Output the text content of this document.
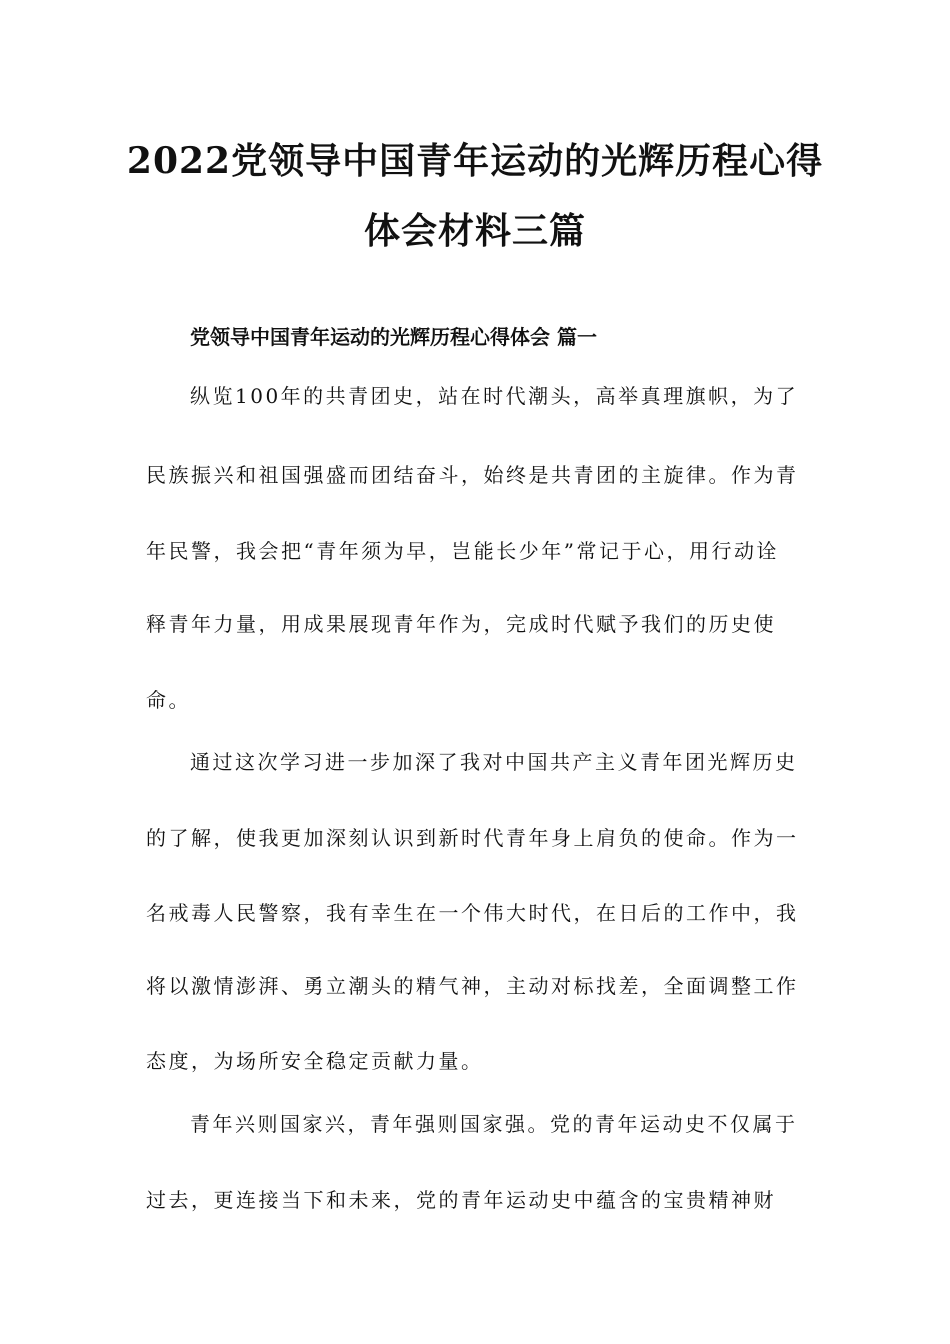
2022党领导中国青年运动的光辉历程心得
体会材料三篇
党领导中国青年运动的光辉历程心得体会 篇一
纵览100年的共青团史，站在时代潮头，高举真理旗帜，为了
民族振兴和祖国强盛而团结奋斗，始终是共青团的主旋律。作为青
年民警，我会把“青年须为早，岂能长少年”常记于心，用行动诠
释青年力量，用成果展现青年作为，完成时代赋予我们的历史使
命。
通过这次学习进一步加深了我对中国共产主义青年团光辉历史
的了解，使我更加深刻认识到新时代青年身上肩负的使命。作为一
名戒毒人民警察，我有幸生在一个伟大时代，在日后的工作中，我
将以激情澎湃、勇立潮头的精气神，主动对标找差，全面调整工作
态度，为场所安全稳定贡献力量。
青年兴则国家兴，青年强则国家强。党的青年运动史不仅属于
过去，更连接当下和未来，党的青年运动史中蕴含的宝贵精神财
